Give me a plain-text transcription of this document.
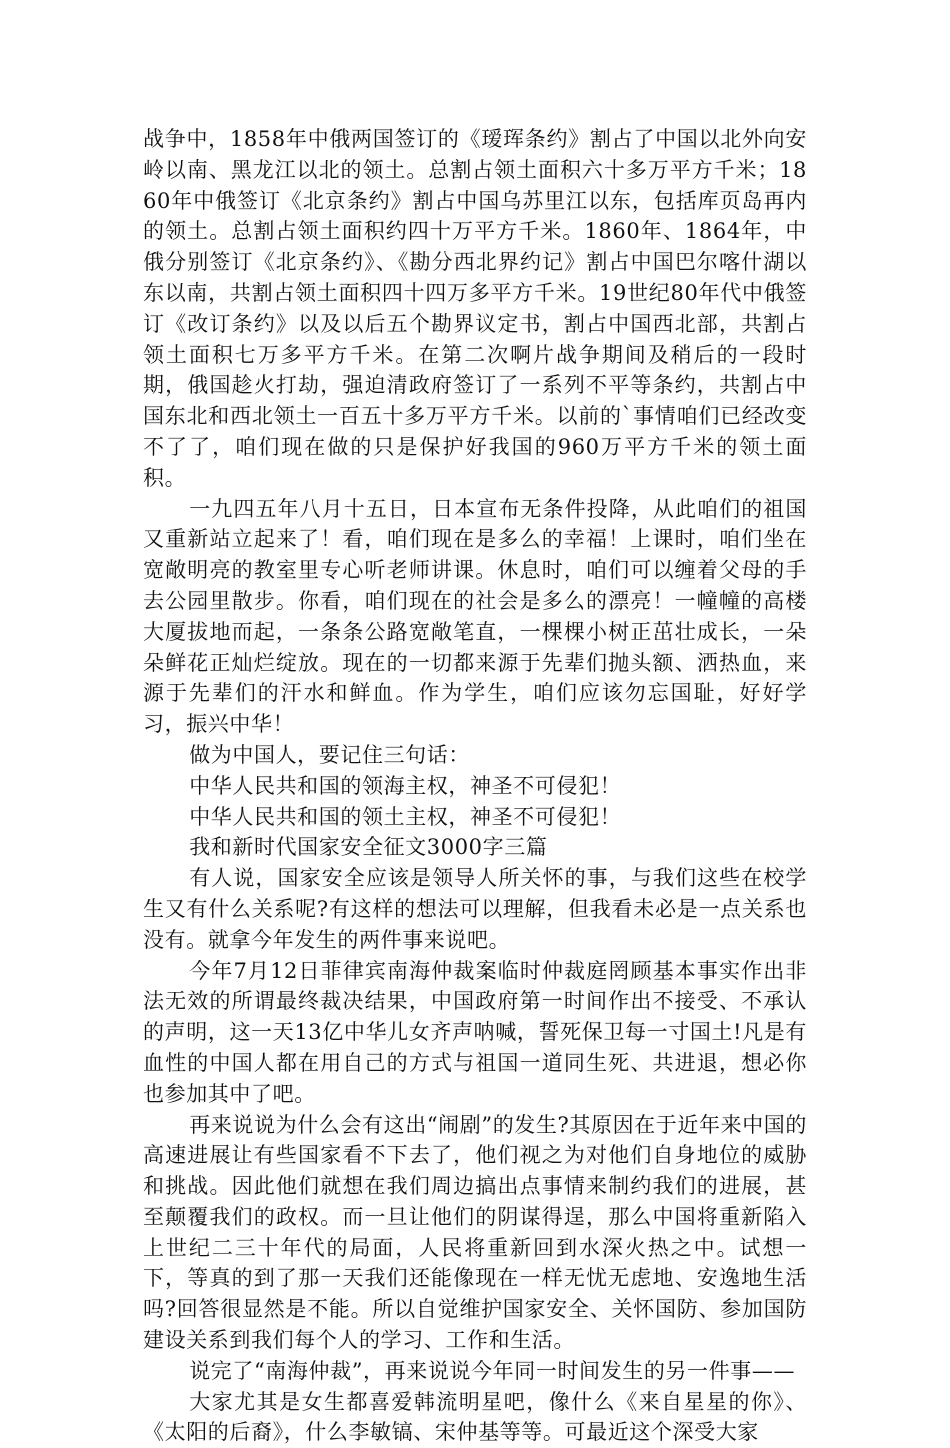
战争中，1858年中俄两国签订的《瑷珲条约》割占了中国以北外向安岭以南、黑龙江以北的领土。总割占领土面积六十多万平方千米；1860年中俄签订《北京条约》割占中国乌苏里江以东，包括库页岛再内的领土。总割占领土面积约四十万平方千米。1860年、1864年，中俄分别签订《北京条约》、《勘分西北界约记》割占中国巴尔喀什湖以东以南，共割占领土面积四十四万多平方千米。19世纪80年代中俄签订《改订条约》以及以后五个勘界议定书，割占中国西北部，共割占领土面积七万多平方千米。在第二次啊片战争期间及稍后的一段时期，俄国趁火打劫，强迫清政府签订了一系列不平等条约，共割占中国东北和西北领土一百五十多万平方千米。以前的`事情咱们已经改变不了了，咱们现在做的只是保护好我国的960万平方千米的领土面积。

一九四五年八月十五日，日本宣布无条件投降，从此咱们的祖国又重新站立起来了！看，咱们现在是多么的幸福！上课时，咱们坐在宽敞明亮的教室里专心听老师讲课。休息时，咱们可以缠着父母的手去公园里散步。你看，咱们现在的社会是多么的漂亮！一幢幢的高楼大厦拔地而起，一条条公路宽敞笔直，一棵棵小树正茁壮成长，一朵朵鲜花正灿烂绽放。现在的一切都来源于先辈们抛头额、洒热血，来源于先辈们的汗水和鲜血。作为学生，咱们应该勿忘国耻，好好学习，振兴中华！

做为中国人，要记住三句话：

中华人民共和国的领海主权，神圣不可侵犯！

中华人民共和国的领土主权，神圣不可侵犯！

我和新时代国家安全征文3000字三篇

有人说，国家安全应该是领导人所关怀的事，与我们这些在校学生又有什么关系呢?有这样的想法可以理解，但我看未必是一点关系也没有。就拿今年发生的两件事来说吧。

今年7月12日菲律宾南海仲裁案临时仲裁庭罔顾基本事实作出非法无效的所谓最终裁决结果，中国政府第一时间作出不接受、不承认的声明，这一天13亿中华儿女齐声呐喊，誓死保卫每一寸国土!凡是有血性的中国人都在用自己的方式与祖国一道同生死、共进退，想必你也参加其中了吧。

再来说说为什么会有这出“闹剧”的发生?其原因在于近年来中国的高速进展让有些国家看不下去了，他们视之为对他们自身地位的威胁和挑战。因此他们就想在我们周边搞出点事情来制约我们的进展，甚至颠覆我们的政权。而一旦让他们的阴谋得逞，那么中国将重新陷入上世纪二三十年代的局面，人民将重新回到水深火热之中。试想一下，等真的到了那一天我们还能像现在一样无忧无虑地、安逸地生活吗?回答很显然是不能。所以自觉维护国家安全、关怀国防、参加国防建设关系到我们每个人的学习、工作和生活。

说完了“南海仲裁”，再来说说今年同一时间发生的另一件事——

大家尤其是女生都喜爱韩流明星吧，像什么《来自星星的你》、《太阳的后裔》，什么李敏镐、宋仲基等等。可最近这个深受大家
